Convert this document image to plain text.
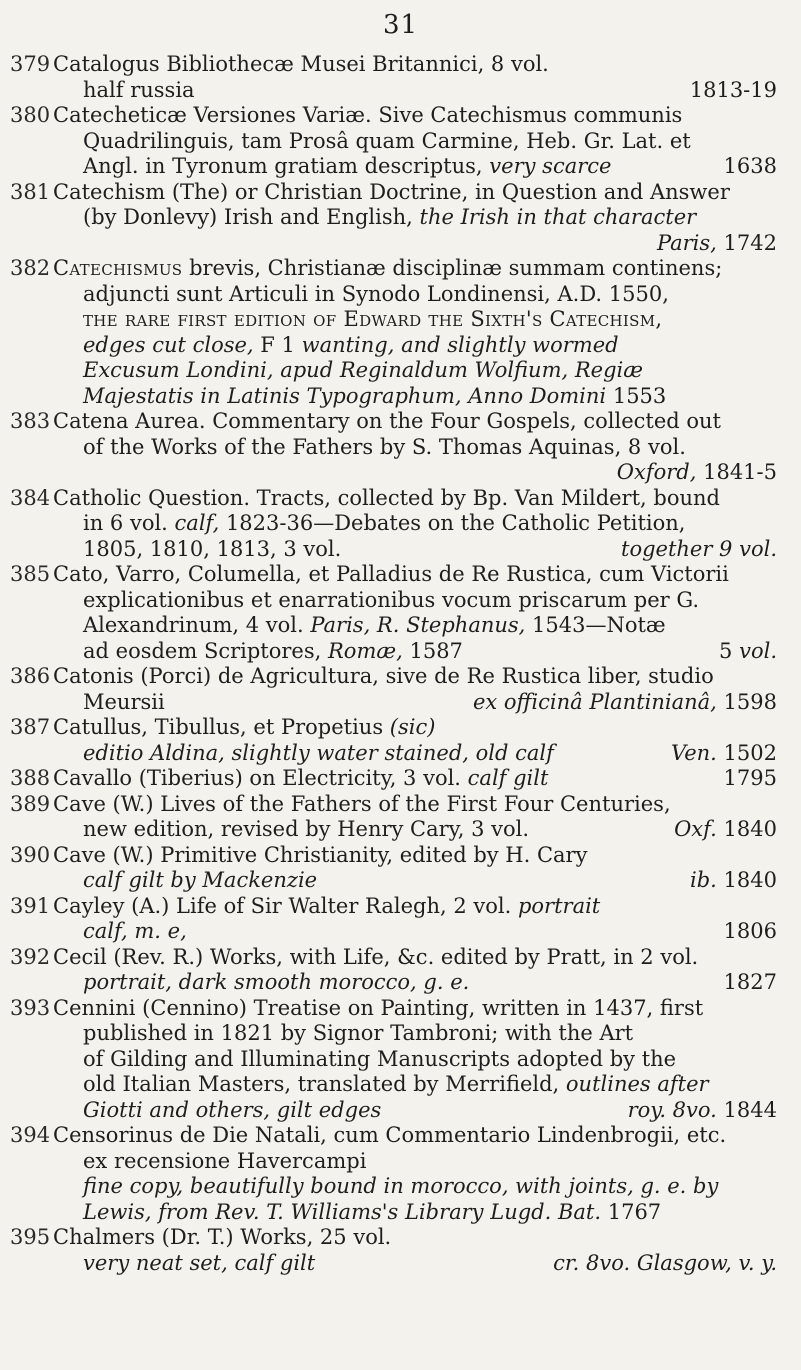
31
379 Catalogus Bibliothecæ Musei Britannici, 8 vol.
half russia	1813-19
380 Catecheticæ Versiones Variæ. Sive Catechismus communis
Quadrilinguis, tam Prosâ quam Carmine, Heb. Gr. Lat. et
Angl. in Tyronum gratiam descriptus, very scarce	1638
381 Catechism (The) or Christian Doctrine, in Question and Answer
(by Donlevy) Irish and English, the Irish in that character
Paris, 1742
382 Catechismus brevis, Christianæ disciplinæ summam continens;
adjuncti sunt Articuli in Synodo Londinensi, A.D. 1550,
the rare first edition of Edward the Sixth's Catechism,
edges cut close, F 1 wanting, and slightly wormed
Excusum Londini, apud Reginaldum Wolfium, Regiæ
Majestatis in Latinis Typographum, Anno Domini 1553
383 Catena Aurea. Commentary on the Four Gospels, collected out
of the Works of the Fathers by S. Thomas Aquinas, 8 vol.
Oxford, 1841-5
384 Catholic Question. Tracts, collected by Bp. Van Mildert, bound
in 6 vol. calf, 1823-36—Debates on the Catholic Petition,
1805, 1810, 1813, 3 vol.	together 9 vol.
385 Cato, Varro, Columella, et Palladius de Re Rustica, cum Victorii
explicationibus et enarrationibus vocum priscarum per G.
Alexandrinum, 4 vol. Paris, R. Stephanus, 1543—Notæ
ad eosdem Scriptores, Romæ, 1587	5 vol.
386 Catonis (Porci) de Agricultura, sive de Re Rustica liber, studio
Meursii	ex officinâ Plantinianâ, 1598
387 Catullus, Tibullus, et Propetius (sic)
editio Aldina, slightly water stained, old calf	Ven. 1502
388 Cavallo (Tiberius) on Electricity, 3 vol. calf gilt	1795
389 Cave (W.) Lives of the Fathers of the First Four Centuries,
new edition, revised by Henry Cary, 3 vol.	Oxf. 1840
390 Cave (W.) Primitive Christianity, edited by H. Cary
calf gilt by Mackenzie	ib. 1840
391 Cayley (A.) Life of Sir Walter Ralegh, 2 vol. portrait
calf, m. e,	1806
392 Cecil (Rev. R.) Works, with Life, &c. edited by Pratt, in 2 vol.
portrait, dark smooth morocco, g. e.	1827
393 Cennini (Cennino) Treatise on Painting, written in 1437, first
published in 1821 by Signor Tambroni; with the Art
of Gilding and Illuminating Manuscripts adopted by the
old Italian Masters, translated by Merrifield, outlines after
Giotti and others, gilt edges	roy. 8vo. 1844
394 Censorinus de Die Natali, cum Commentario Lindenbrogii, etc.
ex recensione Havercampi
fine copy, beautifully bound in morocco, with joints, g. e. by
Lewis, from Rev. T. Williams's Library Lugd. Bat. 1767
395 Chalmers (Dr. T.) Works, 25 vol.
very neat set, calf gilt	cr. 8vo. Glasgow, v. y.
